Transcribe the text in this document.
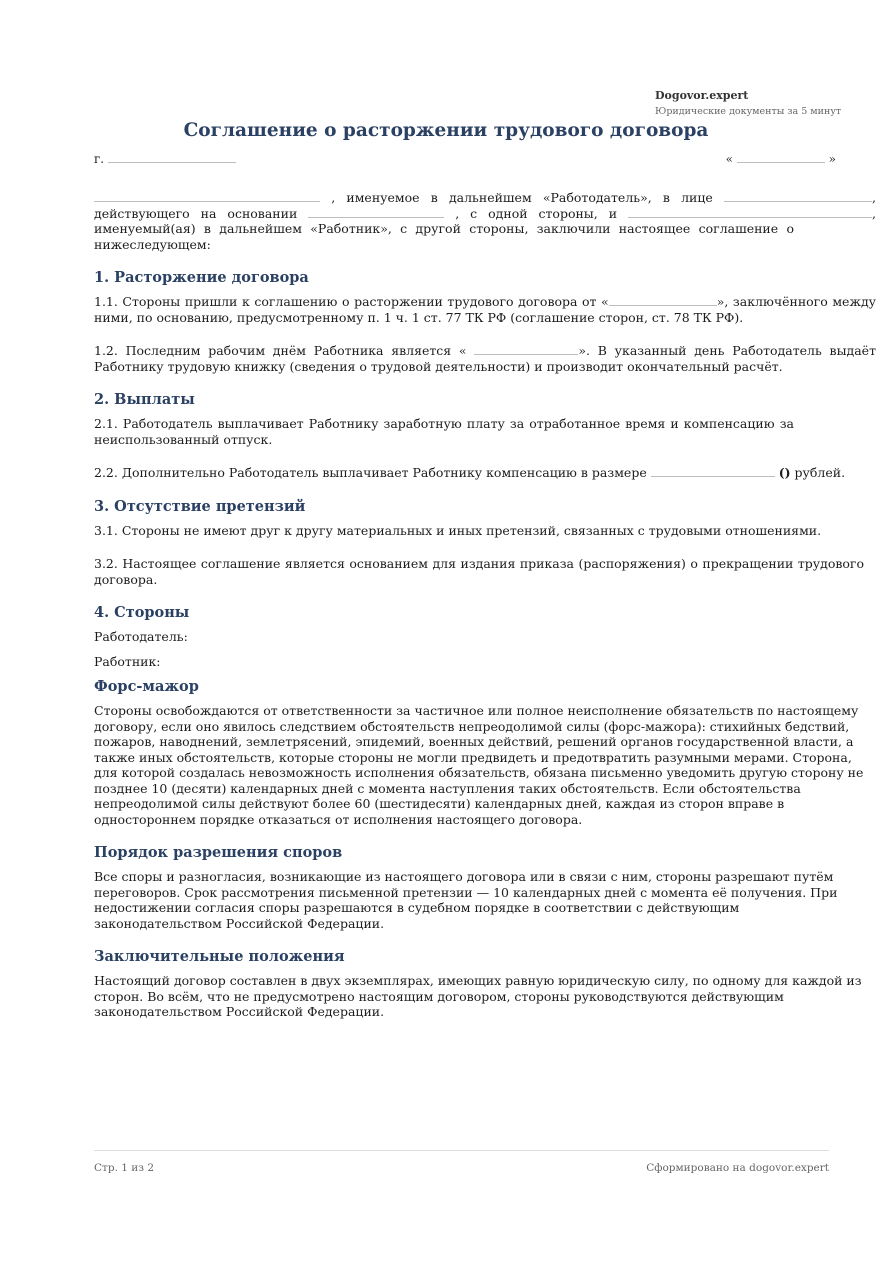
Dogovor.expert
Юридические документы за 5 минут
Соглашение о расторжении трудового договора
г.	«	»

, именуемое в дальнейшем «Работодатель», в лице	,

действующего на основании	, с одной стороны, и	,

именуемый(ая) в дальнейшем «Работник», с другой стороны, заключили настоящее соглашение о нижеследующем:

1. Расторжение договора

1.1. Стороны пришли к соглашению о расторжении трудового договора от «	», заключённого между ними, по основанию, предусмотренному п. 1 ч. 1 ст. 77 ТК РФ (соглашение сторон, ст. 78 ТК РФ).

1.2. Последним рабочим днём Работника является «	». В указанный день Работодатель выдаёт Работнику трудовую книжку (сведения о трудовой деятельности) и производит окончательный расчёт.

2. Выплаты

2.1. Работодатель выплачивает Работнику заработную плату за отработанное время и компенсацию за неиспользованный отпуск.

2.2. Дополнительно Работодатель выплачивает Работнику компенсацию в размере	() рублей.

3. Отсутствие претензий

3.1. Стороны не имеют друг к другу материальных и иных претензий, связанных с трудовыми отношениями.

3.2. Настоящее соглашение является основанием для издания приказа (распоряжения) о прекращении трудового договора.

4. Стороны

Работодатель:

Работник:

Форс-мажор

Стороны освобождаются от ответственности за частичное или полное неисполнение обязательств по настоящему договору, если оно явилось следствием обстоятельств непреодолимой силы (форс-мажора): стихийных бедствий, пожаров, наводнений, землетрясений, эпидемий, военных действий, решений органов государственной власти, а также иных обстоятельств, которые стороны не могли предвидеть и предотвратить разумными мерами. Сторона, для которой создалась невозможность исполнения обязательств, обязана письменно уведомить другую сторону не позднее 10 (десяти) календарных дней с момента наступления таких обстоятельств. Если обстоятельства непреодолимой силы действуют более 60 (шестидесяти) календарных дней, каждая из сторон вправе в одностороннем порядке отказаться от исполнения настоящего договора.

Порядок разрешения споров

Все споры и разногласия, возникающие из настоящего договора или в связи с ним, стороны разрешают путём переговоров. Срок рассмотрения письменной претензии — 10 календарных дней с момента её получения. При недостижении согласия споры разрешаются в судебном порядке в соответствии с действующим законодательством Российской Федерации.

Заключительные положения

Настоящий договор составлен в двух экземплярах, имеющих равную юридическую силу, по одному для каждой из сторон. Во всём, что не предусмотрено настоящим договором, стороны руководствуются действующим законодательством Российской Федерации.

Стр. 1 из 2	Сформировано на dogovor.expert
